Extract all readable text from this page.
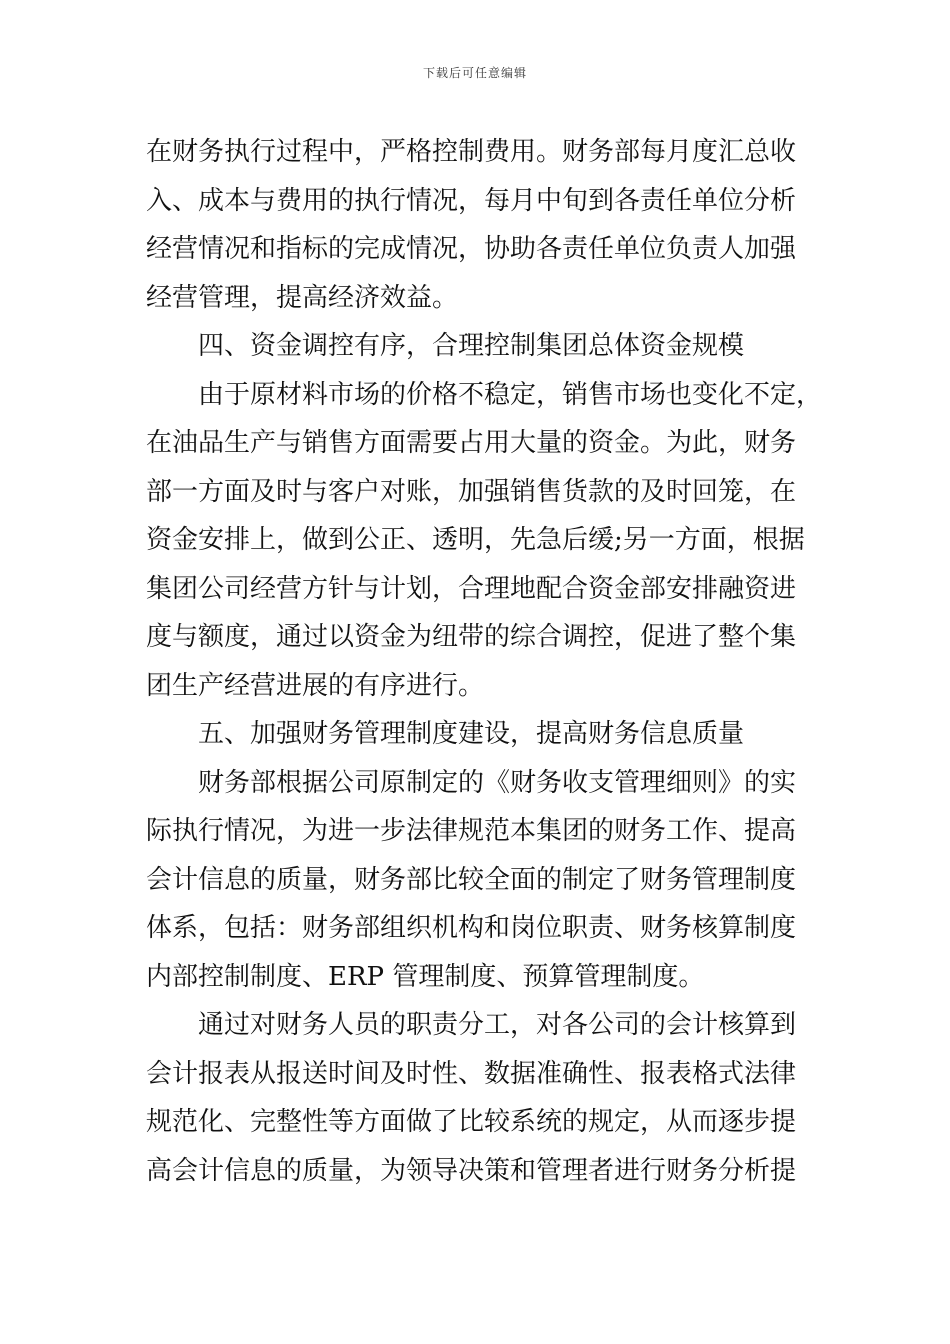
下载后可任意编辑
在财务执行过程中，严格控制费用。财务部每月度汇总收
入、成本与费用的执行情况，每月中旬到各责任单位分析
经营情况和指标的完成情况，协助各责任单位负责人加强
经营管理，提高经济效益。
四、资金调控有序，合理控制集团总体资金规模
由于原材料市场的价格不稳定，销售市场也变化不定，
在油品生产与销售方面需要占用大量的资金。为此，财务
部一方面及时与客户对账，加强销售货款的及时回笼，在
资金安排上，做到公正、透明，先急后缓;另一方面，根据
集团公司经营方针与计划，合理地配合资金部安排融资进
度与额度，通过以资金为纽带的综合调控，促进了整个集
团生产经营进展的有序进行。
五、加强财务管理制度建设，提高财务信息质量
财务部根据公司原制定的《财务收支管理细则》的实
际执行情况，为进一步法律规范本集团的财务工作、提高
会计信息的质量，财务部比较全面的制定了财务管理制度
体系，包括：财务部组织机构和岗位职责、财务核算制度
内部控制制度、ERP 管理制度、预算管理制度。
通过对财务人员的职责分工，对各公司的会计核算到
会计报表从报送时间及时性、数据准确性、报表格式法律
规范化、完整性等方面做了比较系统的规定，从而逐步提
高会计信息的质量，为领导决策和管理者进行财务分析提
